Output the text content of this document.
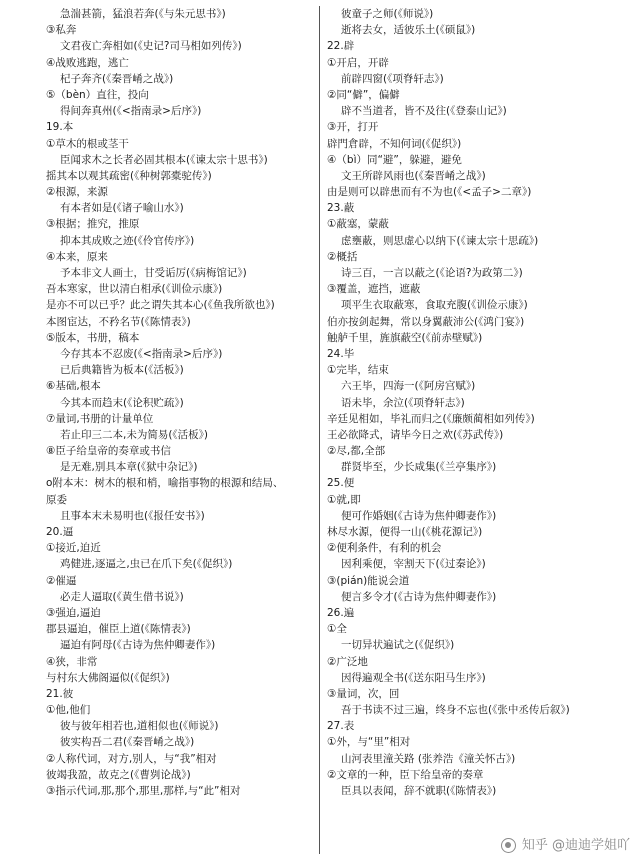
急湍甚箭，猛浪若奔(《与朱元思书》)
③私奔
文君夜亡奔相如(《史记?司马相如列传》)
④战败逃跑，逃亡
杞子奔齐(《秦晋崤之战》)
⑤（bèn）直往，投向
得间奔真州(《<指南录>后序》)
19.本
①草木的根或茎干
臣闻求木之长者必固其根本(《谏太宗十思书》)
摇其本以观其疏密(《种树郭橐驼传》)
②根源，来源
有本者如是(《诸子喻山水》)
③根据；推究，推原
抑本其成败之迹(《伶官传序》)
④本来，原来
予本非文人画士，甘受诟厉(《病梅馆记》)
吾本寒家，世以清白相承(《训俭示康》)
是亦不可以已乎？此之谓失其本心(《鱼我所欲也》)
本图宦达，不矜名节(《陈情表》)
⑤版本，书册，稿本
今存其本不忍废(《<指南录>后序》)
已后典籍皆为板本(《活板》)
⑥基础,根本
今其本而趋末(《论积贮疏》)
⑦量词,书册的计量单位
若止印三二本,未为简易(《活板》)
⑧臣子给皇帝的奏章或书信
是无难,别具本章(《狱中杂记》)
o附本末：树木的根和梢，喻指事物的根源和结局、
原委
且事本末未易明也(《报任安书》)
20.逼
①接近,迫近
鸡健进,逐逼之,虫已在爪下矣(《促织》)
②催逼
必走人逼取(《黄生借书说》)
③强迫,逼迫
郡县逼迫，催臣上道(《陈情表》)
逼迫有阿母(《古诗为焦仲卿妻作》)
④狭，非常
与村东大佛阁逼似(《促织》)
21.彼
①他,他们
彼与彼年相若也,道相似也(《师说》)
彼实构吾二君(《秦晋崤之战》)
②人称代词，对方,别人，与“我”相对
彼竭我盈，故克之(《曹刿论战》)
③指示代词,那,那个,那里,那样,与“此”相对
彼童子之师(《师说》)
逝将去女，适彼乐土(《硕鼠》)
22.辟
①开启，开辟
前辟四窗(《项脊轩志》)
②同“僻”，偏僻
辟不当道者，皆不及往(《登泰山记》)
③开，打开
辟門倉辟，不知何词(《促织》)
④（bì）同“避”，躲避，避免
文王所辟风雨也(《秦晋崤之战》)
由是则可以辟患而有不为也(《<孟子>二章》)
23.蔽
①蔽塞，蒙蔽
虑壅蔽，则思虚心以纳下(《谏太宗十思疏》)
②概括
诗三百，一言以蔽之(《论语?为政第二》)
③覆盖，遮挡，遮蔽
项平生衣取蔽寒，食取充腹(《训俭示康》)
伯亦按剑起舞，常以身翼蔽沛公(《鸿门宴》)
触舻千里，旌旗蔽空(《前赤壁赋》)
24.毕
①完毕，结束
六王毕，四海一(《阿房宫赋》)
语未毕，余泣(《项脊轩志》)
辛廷见相如，毕礼而归之(《廉颇蔺相如列传》)
王必欲降式，请毕今日之欢(《苏武传》)
②尽,都,全部
群贤毕至，少长咸集(《兰亭集序》)
25.便
①就,即
便可作婚姻(《古诗为焦仲卿妻作》)
林尽水源，便得一山(《桃花源记》)
②便利条件，有利的机会
因利乘便，宰割天下(《过秦论》)
③(pián)能说会道
便言多令才(《古诗为焦仲卿妻作》)
26.遍
①全
一切异状遍试之(《促织》)
②广泛地
因得遍观全书(《送东阳马生序》)
③量词，次，回
吾于书读不过三遍，终身不忘也(《张中丞传后叙》)
27.表
①外，与“里”相对
山河表里潼关路 (张养浩《潼关怀古》)
②文章的一种，臣下给皇帝的奏章
臣具以表闻，辞不就职(《陈情表》)
知乎 @迪迪学姐吖
